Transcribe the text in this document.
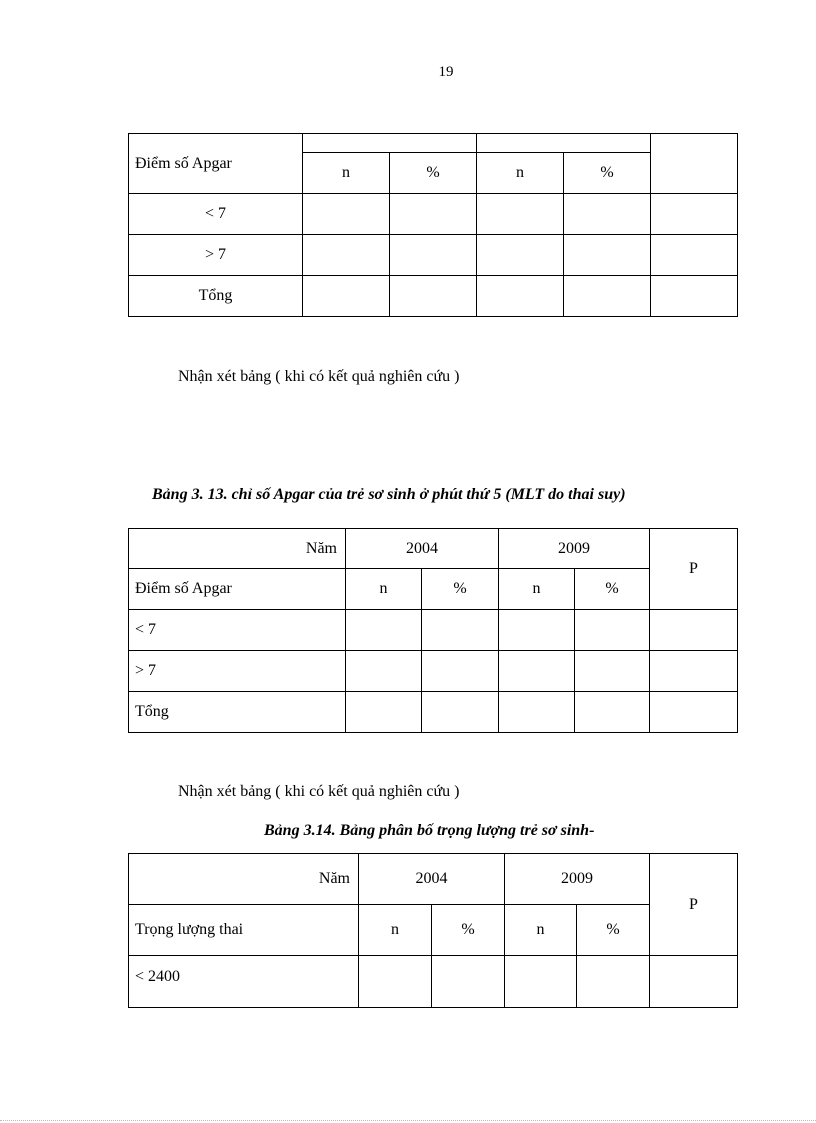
19
Điểm số Apgar					
	n	%	n	%	
< 7					
> 7					
Tổng					
Nhận xét bảng ( khi có kết quả nghiên cứu )
Bảng 3. 13. chỉ số Apgar của trẻ sơ sinh ở phút thứ 5 (MLT do thai suy)
Năm	2004		2009		P
Điểm số Apgar	n	%	n	%	
< 7					
> 7					
Tổng					
Nhận xét bảng ( khi có kết quả nghiên cứu )
Bảng 3.14. Bảng phân bố trọng lượng trẻ sơ sinh-
Năm	2004		2009		P
Trọng lượng thai	n	%	n	%	
< 2400					
